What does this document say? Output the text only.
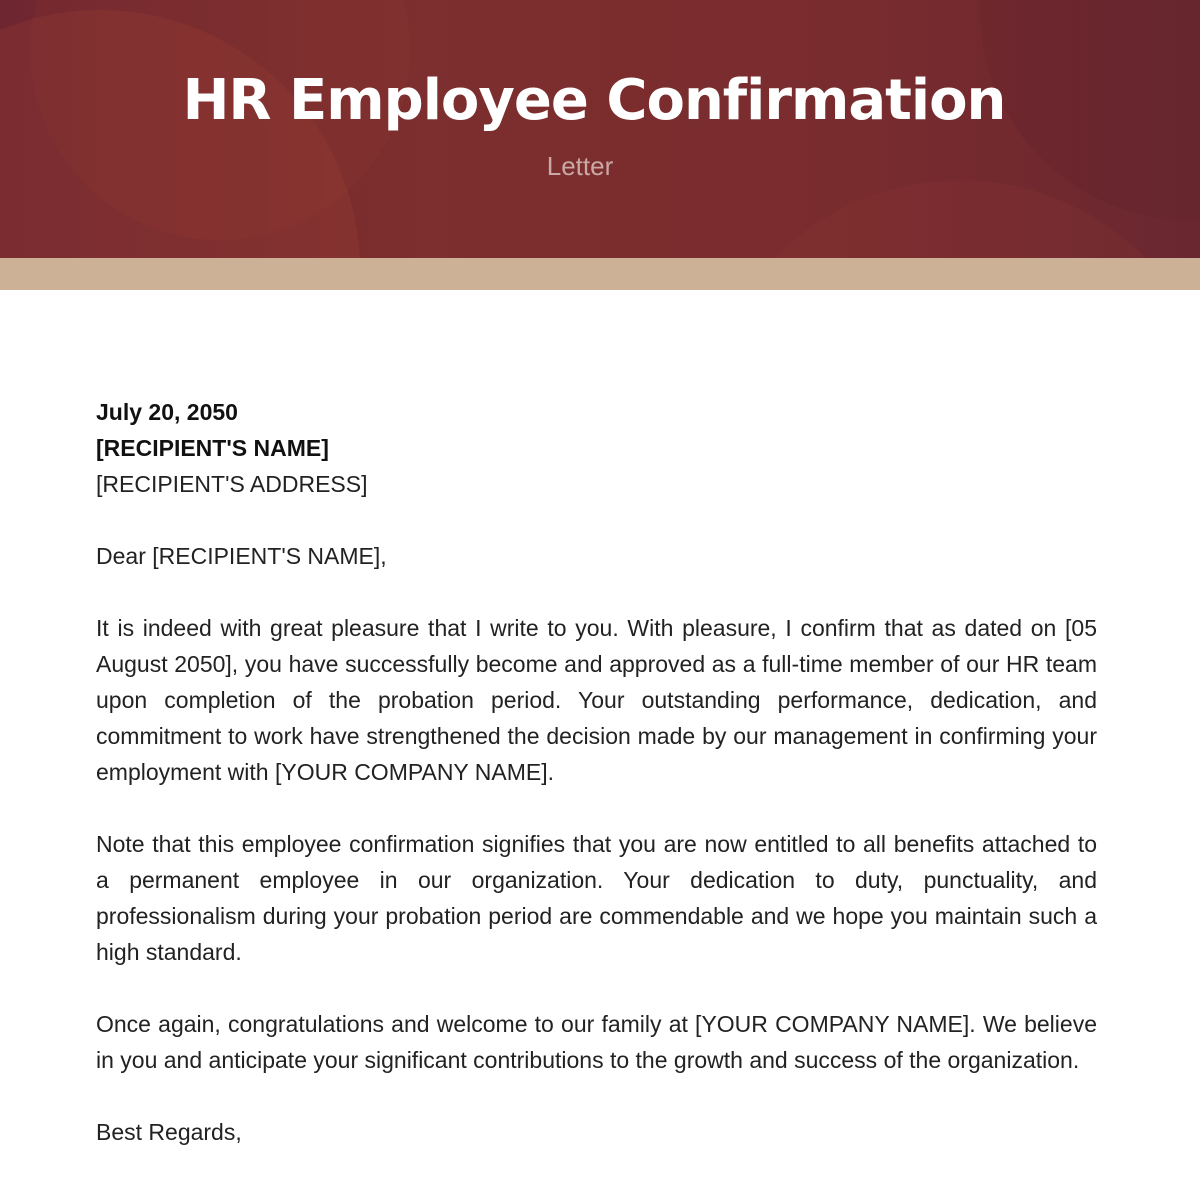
HR Employee Confirmation
Letter

July 20, 2050

[RECIPIENT'S NAME]

[RECIPIENT'S ADDRESS]

Dear [RECIPIENT'S NAME],

It is indeed with great pleasure that I write to you. With pleasure, I confirm that as dated on [05 August 2050], you have successfully become and approved as a full-time member of our HR team upon completion of the probation period. Your outstanding performance, dedication, and commitment to work have strengthened the decision made by our management in confirming your employment with [YOUR COMPANY NAME].

Note that this employee confirmation signifies that you are now entitled to all benefits attached to a permanent employee in our organization. Your dedication to duty, punctuality, and professionalism during your probation period are commendable and we hope you maintain such a high standard.

Once again, congratulations and welcome to our family at [YOUR COMPANY NAME]. We believe in you and anticipate your significant contributions to the growth and success of the organization.

Best Regards,
